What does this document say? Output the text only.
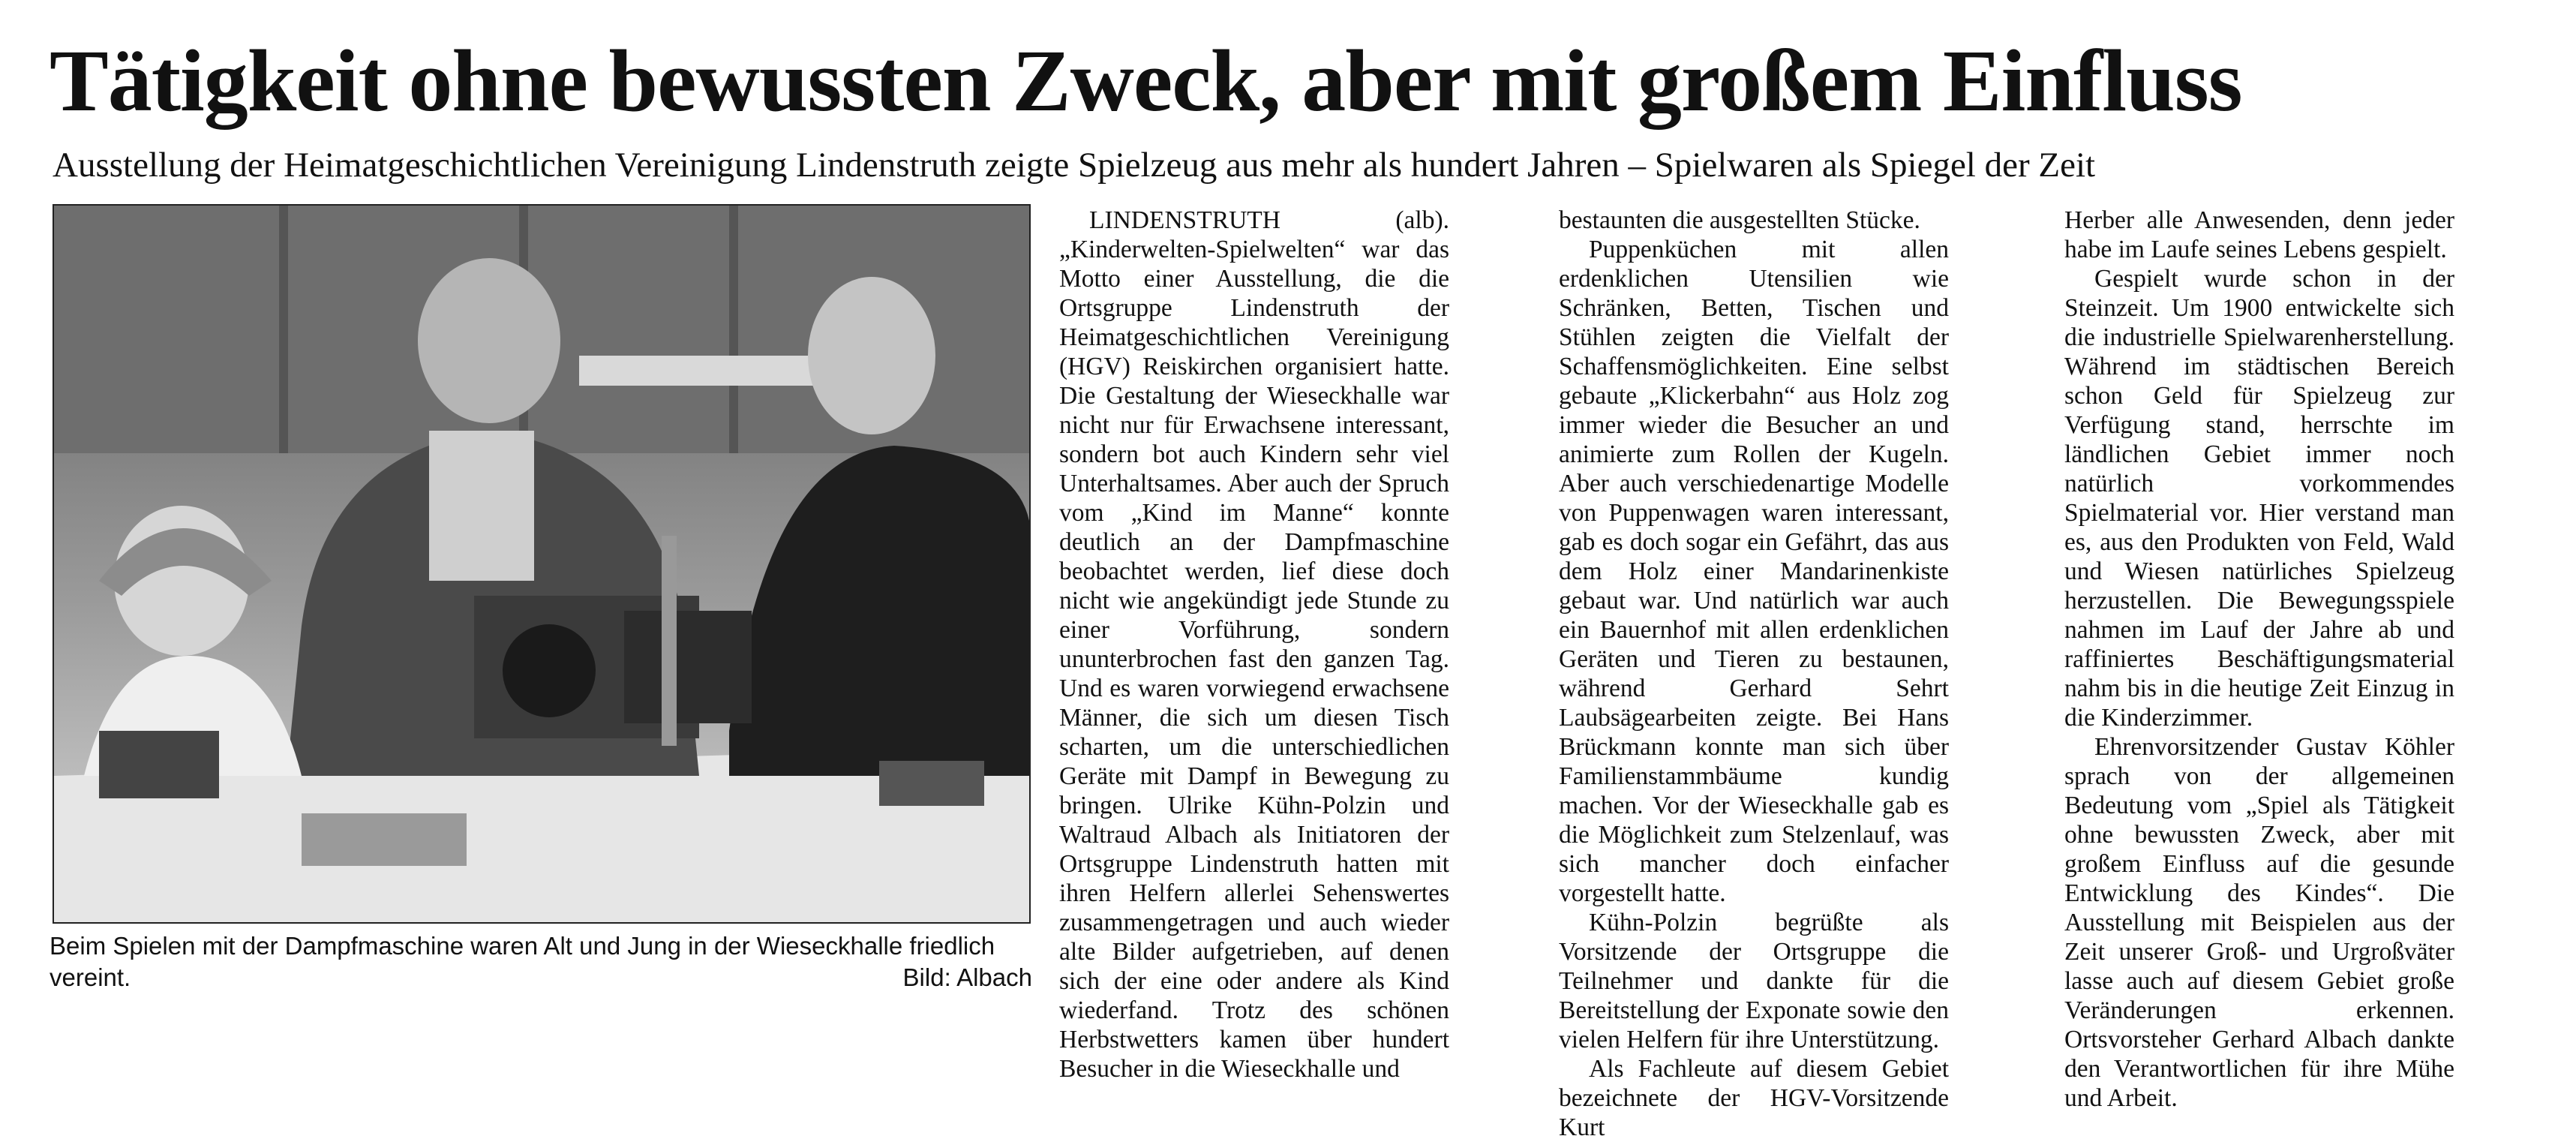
Tätigkeit ohne bewussten Zweck, aber mit großem Einfluss
Ausstellung der Heimatgeschichtlichen Vereinigung Lindenstruth zeigte Spielzeug aus mehr als hundert Jahren – Spielwaren als Spiegel der Zeit
Beim Spielen mit der Dampfmaschine waren Alt und Jung in der Wieseckhalle friedlich vereint.	Bild: Albach

LINDENSTRUTH (alb). „Kinderwelten-Spielwelten“ war das Motto einer Ausstellung, die die Ortsgruppe Lindenstruth der Heimatgeschichtlichen Vereinigung (HGV) Reiskirchen organisiert hatte. Die Gestaltung der Wieseckhalle war nicht nur für Erwachsene interessant, sondern bot auch Kindern sehr viel Unterhaltsames. Aber auch der Spruch vom „Kind im Manne“ konnte deutlich an der Dampfmaschine beobachtet werden, lief diese doch nicht wie angekündigt jede Stunde zu einer Vorführung, sondern ununterbrochen fast den ganzen Tag. Und es waren vorwiegend erwachsene Männer, die sich um diesen Tisch scharten, um die unterschiedlichen Geräte mit Dampf in Bewegung zu bringen. Ulrike Kühn-Polzin und Waltraud Albach als Initiatoren der Ortsgruppe Lindenstruth hatten mit ihren Helfern allerlei Sehenswertes zusammengetragen und auch wieder alte Bilder aufgetrieben, auf denen sich der eine oder andere als Kind wiederfand. Trotz des schönen Herbstwetters kamen über hundert Besucher in die Wieseckhalle und

bestaunten die ausgestellten Stücke.

Puppenküchen mit allen erdenklichen Utensilien wie Schränken, Betten, Tischen und Stühlen zeigten die Vielfalt der Schaffensmöglichkeiten. Eine selbst gebaute „Klickerbahn“ aus Holz zog immer wieder die Besucher an und animierte zum Rollen der Kugeln. Aber auch verschiedenartige Modelle von Puppenwagen waren interessant, gab es doch sogar ein Gefährt, das aus dem Holz einer Mandarinenkiste gebaut war. Und natürlich war auch ein Bauernhof mit allen erdenklichen Geräten und Tieren zu bestaunen, während Gerhard Sehrt Laubsägearbeiten zeigte. Bei Hans Brückmann konnte man sich über Familienstammbäume kundig machen. Vor der Wieseckhalle gab es die Möglichkeit zum Stelzenlauf, was sich mancher doch einfacher vorgestellt hatte.

Kühn-Polzin begrüßte als Vorsitzende der Ortsgruppe die Teilnehmer und dankte für die Bereitstellung der Exponate sowie den vielen Helfern für ihre Unterstützung.

Als Fachleute auf diesem Gebiet bezeichnete der HGV-Vorsitzende Kurt

Herber alle Anwesenden, denn jeder habe im Laufe seines Lebens gespielt.

Gespielt wurde schon in der Steinzeit. Um 1900 entwickelte sich die industrielle Spielwarenherstellung. Während im städtischen Bereich schon Geld für Spielzeug zur Verfügung stand, herrschte im ländlichen Gebiet immer noch natürlich vorkommendes Spielmaterial vor. Hier verstand man es, aus den Produkten von Feld, Wald und Wiesen natürliches Spielzeug herzustellen. Die Bewegungsspiele nahmen im Lauf der Jahre ab und raffiniertes Beschäftigungsmaterial nahm bis in die heutige Zeit Einzug in die Kinderzimmer.

Ehrenvorsitzender Gustav Köhler sprach von der allgemeinen Bedeutung vom „Spiel als Tätigkeit ohne bewussten Zweck, aber mit großem Einfluss auf die gesunde Entwicklung des Kindes“. Die Ausstellung mit Beispielen aus der Zeit unserer Groß- und Urgroßväter lasse auch auf diesem Gebiet große Veränderungen erkennen. Ortsvorsteher Gerhard Albach dankte den Verantwortlichen für ihre Mühe und Arbeit.
